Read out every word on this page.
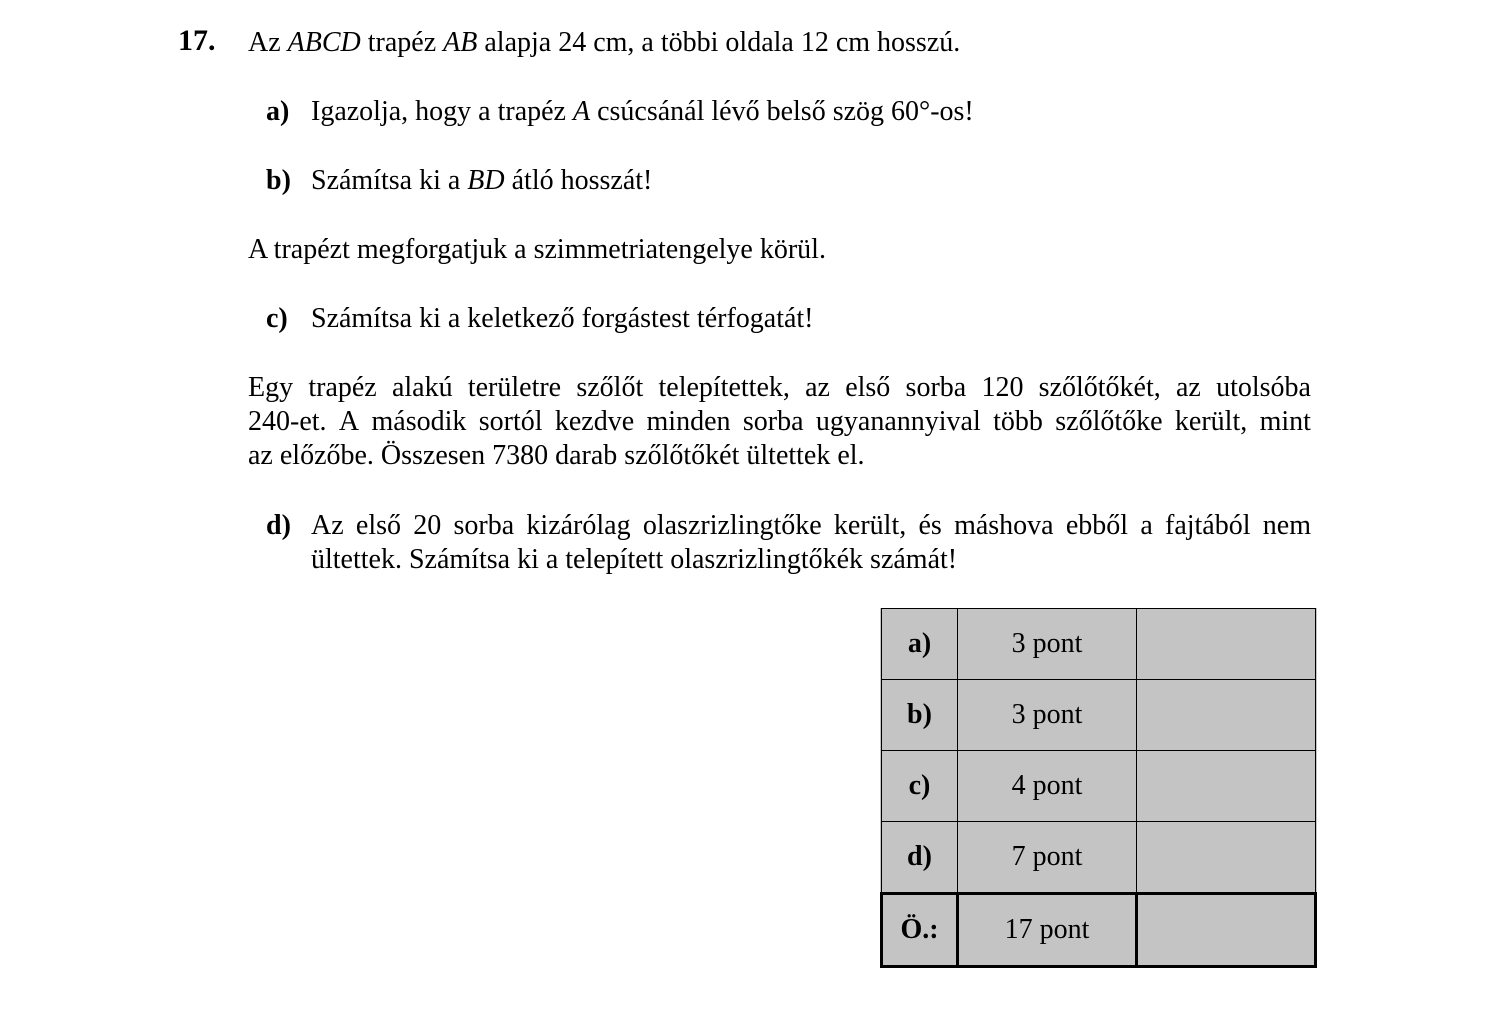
17. Az ABCD trapéz AB alapja 24 cm, a többi oldala 12 cm hosszú.
a) Igazolja, hogy a trapéz A csúcsánál lévő belső szög 60°-os!
b) Számítsa ki a BD átló hosszát!
A trapézt megforgatjuk a szimmetriatengelye körül.
c) Számítsa ki a keletkező forgástest térfogatát!
Egy trapéz alakú területre szőlőt telepítettek, az első sorba 120 szőlőtőkét, az utolsóba
240-et. A második sortól kezdve minden sorba ugyanannyival több szőlőtőke került, mint
az előzőbe. Összesen 7380 darab szőlőtőkét ültettek el.
d) Az első 20 sorba kizárólag olaszrizlingtőke került, és máshova ebből a fajtából nem
ültettek. Számítsa ki a telepített olaszrizlingtőkék számát!
a)	3 pont	
b)	3 pont	
c)	4 pont	
d)	7 pont	
Ö.:	17 pont	
